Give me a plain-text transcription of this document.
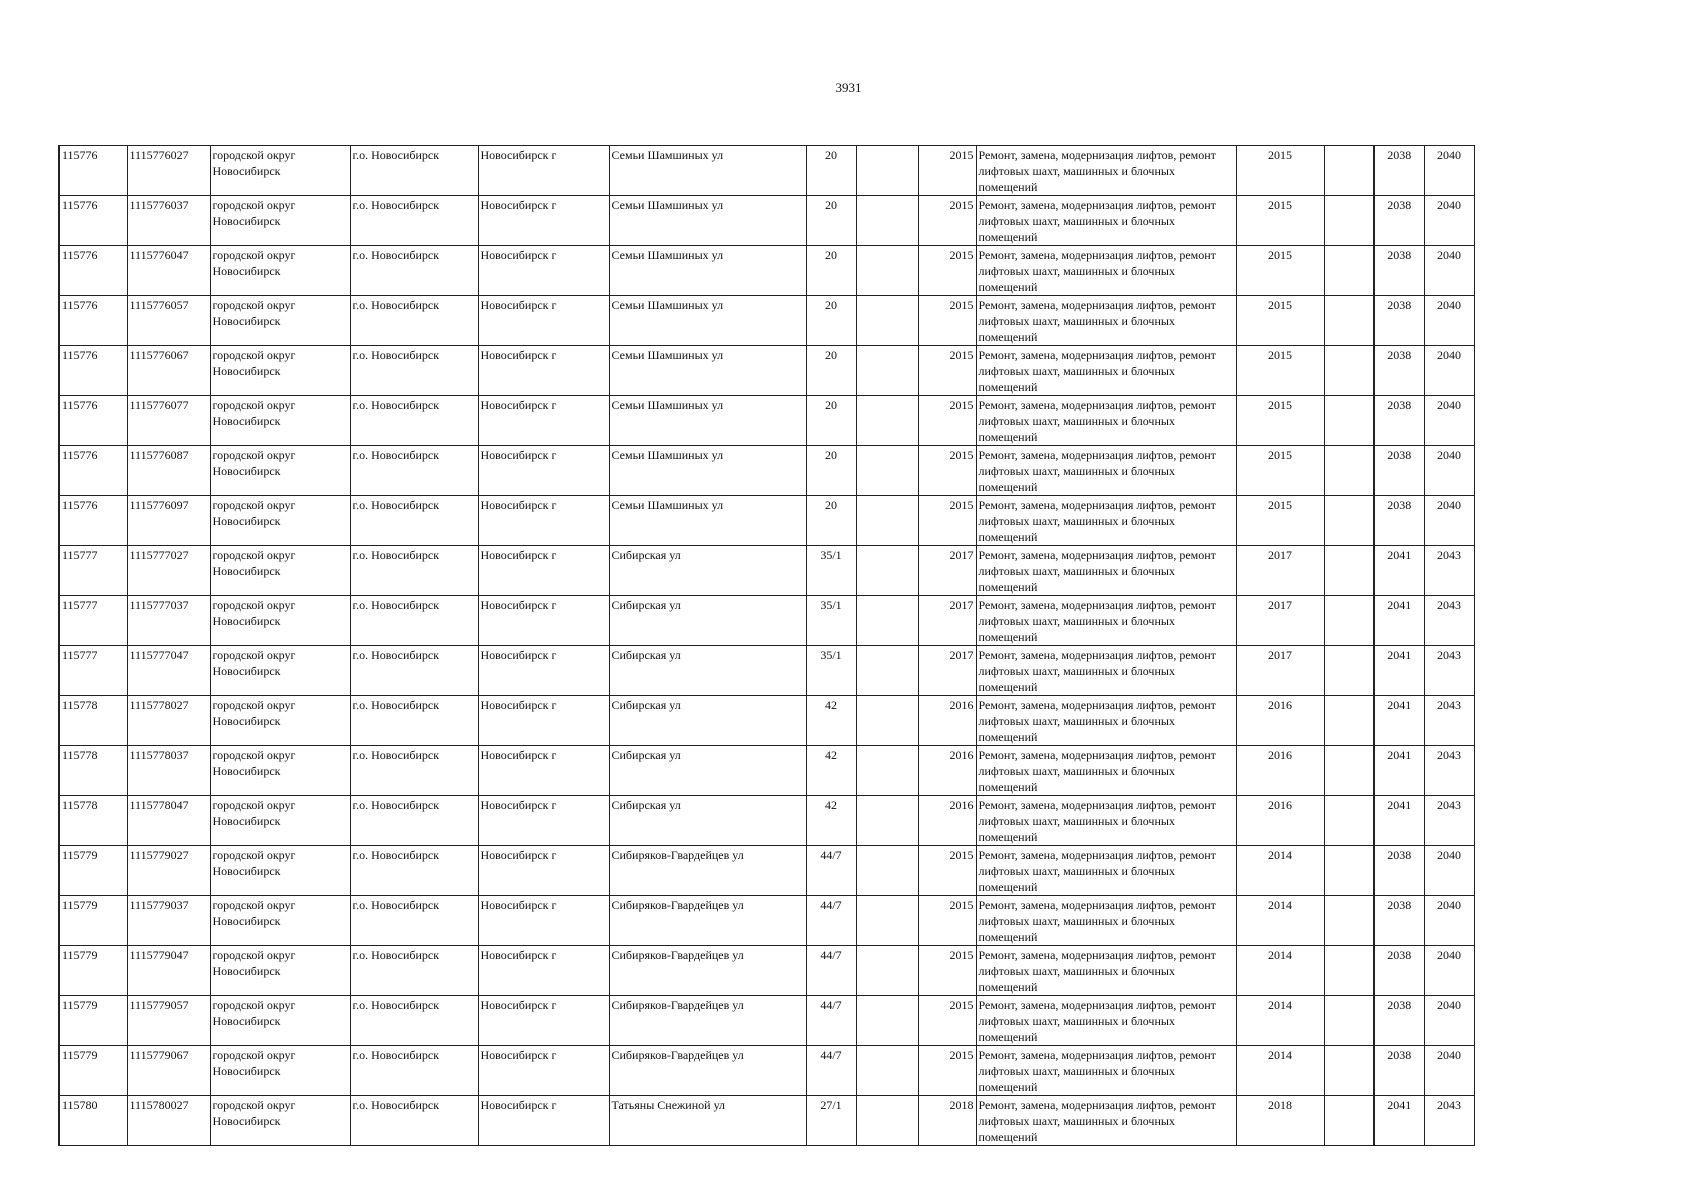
3931
115776	1115776027	городской округ Новосибирск	г.о. Новосибирск	Новосибирск г	Семьи Шамшиных ул	20		2015	Ремонт, замена, модернизация лифтов, ремонт лифтовых шахт, машинных и блочных помещений	2015		2038	2040
115776	1115776037	городской округ Новосибирск	г.о. Новосибирск	Новосибирск г	Семьи Шамшиных ул	20		2015	Ремонт, замена, модернизация лифтов, ремонт лифтовых шахт, машинных и блочных помещений	2015		2038	2040
115776	1115776047	городской округ Новосибирск	г.о. Новосибирск	Новосибирск г	Семьи Шамшиных ул	20		2015	Ремонт, замена, модернизация лифтов, ремонт лифтовых шахт, машинных и блочных помещений	2015		2038	2040
115776	1115776057	городской округ Новосибирск	г.о. Новосибирск	Новосибирск г	Семьи Шамшиных ул	20		2015	Ремонт, замена, модернизация лифтов, ремонт лифтовых шахт, машинных и блочных помещений	2015		2038	2040
115776	1115776067	городской округ Новосибирск	г.о. Новосибирск	Новосибирск г	Семьи Шамшиных ул	20		2015	Ремонт, замена, модернизация лифтов, ремонт лифтовых шахт, машинных и блочных помещений	2015		2038	2040
115776	1115776077	городской округ Новосибирск	г.о. Новосибирск	Новосибирск г	Семьи Шамшиных ул	20		2015	Ремонт, замена, модернизация лифтов, ремонт лифтовых шахт, машинных и блочных помещений	2015		2038	2040
115776	1115776087	городской округ Новосибирск	г.о. Новосибирск	Новосибирск г	Семьи Шамшиных ул	20		2015	Ремонт, замена, модернизация лифтов, ремонт лифтовых шахт, машинных и блочных помещений	2015		2038	2040
115776	1115776097	городской округ Новосибирск	г.о. Новосибирск	Новосибирск г	Семьи Шамшиных ул	20		2015	Ремонт, замена, модернизация лифтов, ремонт лифтовых шахт, машинных и блочных помещений	2015		2038	2040
115777	1115777027	городской округ Новосибирск	г.о. Новосибирск	Новосибирск г	Сибирская ул	35/1		2017	Ремонт, замена, модернизация лифтов, ремонт лифтовых шахт, машинных и блочных помещений	2017		2041	2043
115777	1115777037	городской округ Новосибирск	г.о. Новосибирск	Новосибирск г	Сибирская ул	35/1		2017	Ремонт, замена, модернизация лифтов, ремонт лифтовых шахт, машинных и блочных помещений	2017		2041	2043
115777	1115777047	городской округ Новосибирск	г.о. Новосибирск	Новосибирск г	Сибирская ул	35/1		2017	Ремонт, замена, модернизация лифтов, ремонт лифтовых шахт, машинных и блочных помещений	2017		2041	2043
115778	1115778027	городской округ Новосибирск	г.о. Новосибирск	Новосибирск г	Сибирская ул	42		2016	Ремонт, замена, модернизация лифтов, ремонт лифтовых шахт, машинных и блочных помещений	2016		2041	2043
115778	1115778037	городской округ Новосибирск	г.о. Новосибирск	Новосибирск г	Сибирская ул	42		2016	Ремонт, замена, модернизация лифтов, ремонт лифтовых шахт, машинных и блочных помещений	2016		2041	2043
115778	1115778047	городской округ Новосибирск	г.о. Новосибирск	Новосибирск г	Сибирская ул	42		2016	Ремонт, замена, модернизация лифтов, ремонт лифтовых шахт, машинных и блочных помещений	2016		2041	2043
115779	1115779027	городской округ Новосибирск	г.о. Новосибирск	Новосибирск г	Сибиряков-Гвардейцев ул	44/7		2015	Ремонт, замена, модернизация лифтов, ремонт лифтовых шахт, машинных и блочных помещений	2014		2038	2040
115779	1115779037	городской округ Новосибирск	г.о. Новосибирск	Новосибирск г	Сибиряков-Гвардейцев ул	44/7		2015	Ремонт, замена, модернизация лифтов, ремонт лифтовых шахт, машинных и блочных помещений	2014		2038	2040
115779	1115779047	городской округ Новосибирск	г.о. Новосибирск	Новосибирск г	Сибиряков-Гвардейцев ул	44/7		2015	Ремонт, замена, модернизация лифтов, ремонт лифтовых шахт, машинных и блочных помещений	2014		2038	2040
115779	1115779057	городской округ Новосибирск	г.о. Новосибирск	Новосибирск г	Сибиряков-Гвардейцев ул	44/7		2015	Ремонт, замена, модернизация лифтов, ремонт лифтовых шахт, машинных и блочных помещений	2014		2038	2040
115779	1115779067	городской округ Новосибирск	г.о. Новосибирск	Новосибирск г	Сибиряков-Гвардейцев ул	44/7		2015	Ремонт, замена, модернизация лифтов, ремонт лифтовых шахт, машинных и блочных помещений	2014		2038	2040
115780	1115780027	городской округ Новосибирск	г.о. Новосибирск	Новосибирск г	Татьяны Снежиной ул	27/1		2018	Ремонт, замена, модернизация лифтов, ремонт лифтовых шахт, машинных и блочных помещений	2018		2041	2043
